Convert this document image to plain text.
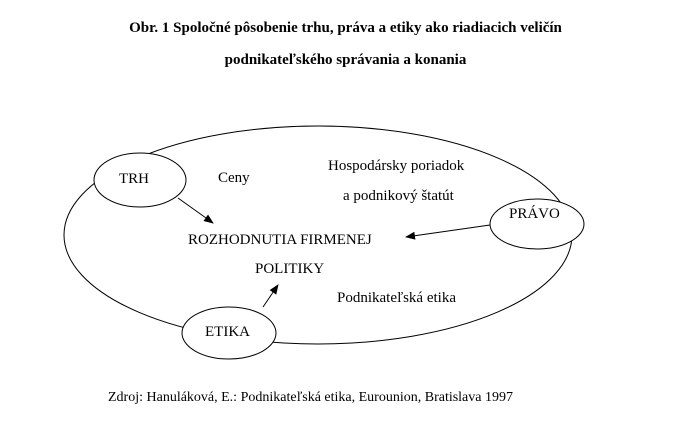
Obr. 1 Spoločné pôsobenie trhu, práva a etiky ako riadiacich veličín
podnikateľského správania a konania
TRH
PRÁVO
ETIKA
Ceny
Hospodársky poriadok
a podnikový štatút
ROZHODNUTIA FIRMENEJ
POLITIKY
Podnikateľská etika
Zdroj: Hanuláková, E.: Podnikateľská etika, Eurounion, Bratislava 1997
